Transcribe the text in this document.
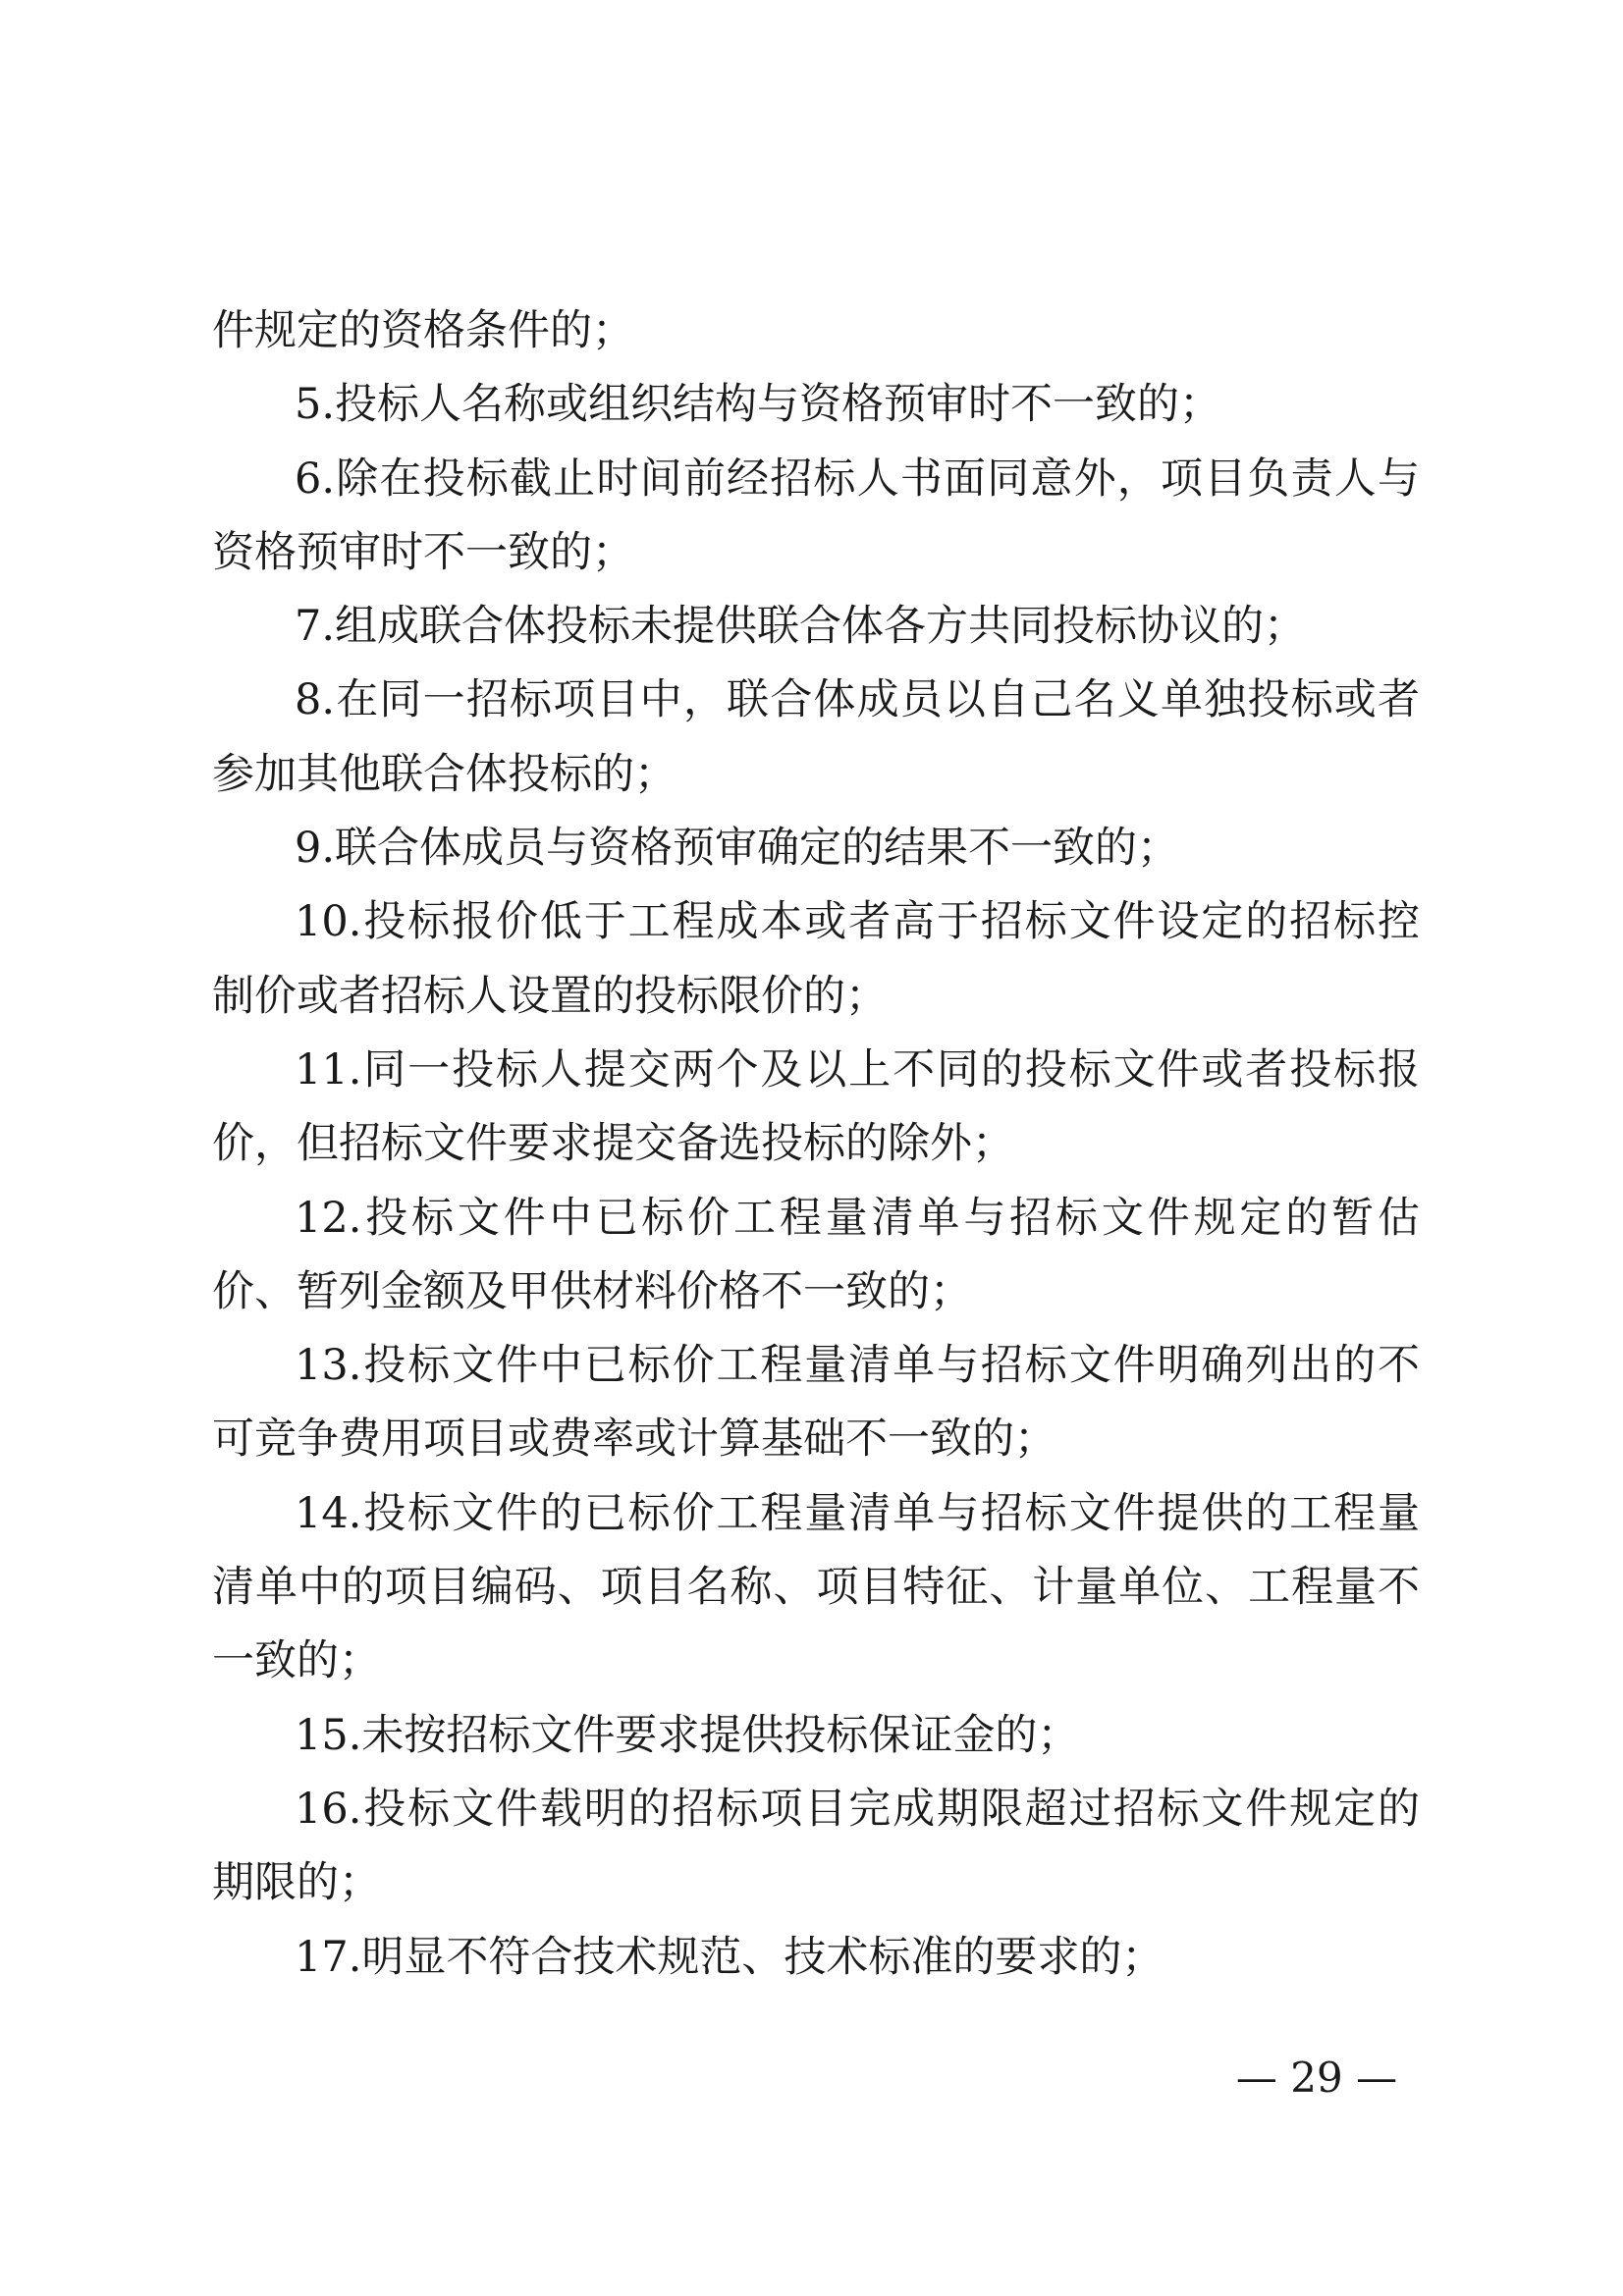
件规定的资格条件的；
5.投标人名称或组织结构与资格预审时不一致的；
6.除在投标截止时间前经招标人书面同意外，项目负责人与
资格预审时不一致的；
7.组成联合体投标未提供联合体各方共同投标协议的；
8.在同一招标项目中，联合体成员以自己名义单独投标或者
参加其他联合体投标的；
9.联合体成员与资格预审确定的结果不一致的；
10.投标报价低于工程成本或者高于招标文件设定的招标控
制价或者招标人设置的投标限价的；
11.同一投标人提交两个及以上不同的投标文件或者投标报
价，但招标文件要求提交备选投标的除外；
12.投标文件中已标价工程量清单与招标文件规定的暂估
价、暂列金额及甲供材料价格不一致的；
13.投标文件中已标价工程量清单与招标文件明确列出的不
可竞争费用项目或费率或计算基础不一致的；
14.投标文件的已标价工程量清单与招标文件提供的工程量
清单中的项目编码、项目名称、项目特征、计量单位、工程量不
一致的；
15.未按招标文件要求提供投标保证金的；
16.投标文件载明的招标项目完成期限超过招标文件规定的
期限的；
17.明显不符合技术规范、技术标准的要求的；
— 29 —
